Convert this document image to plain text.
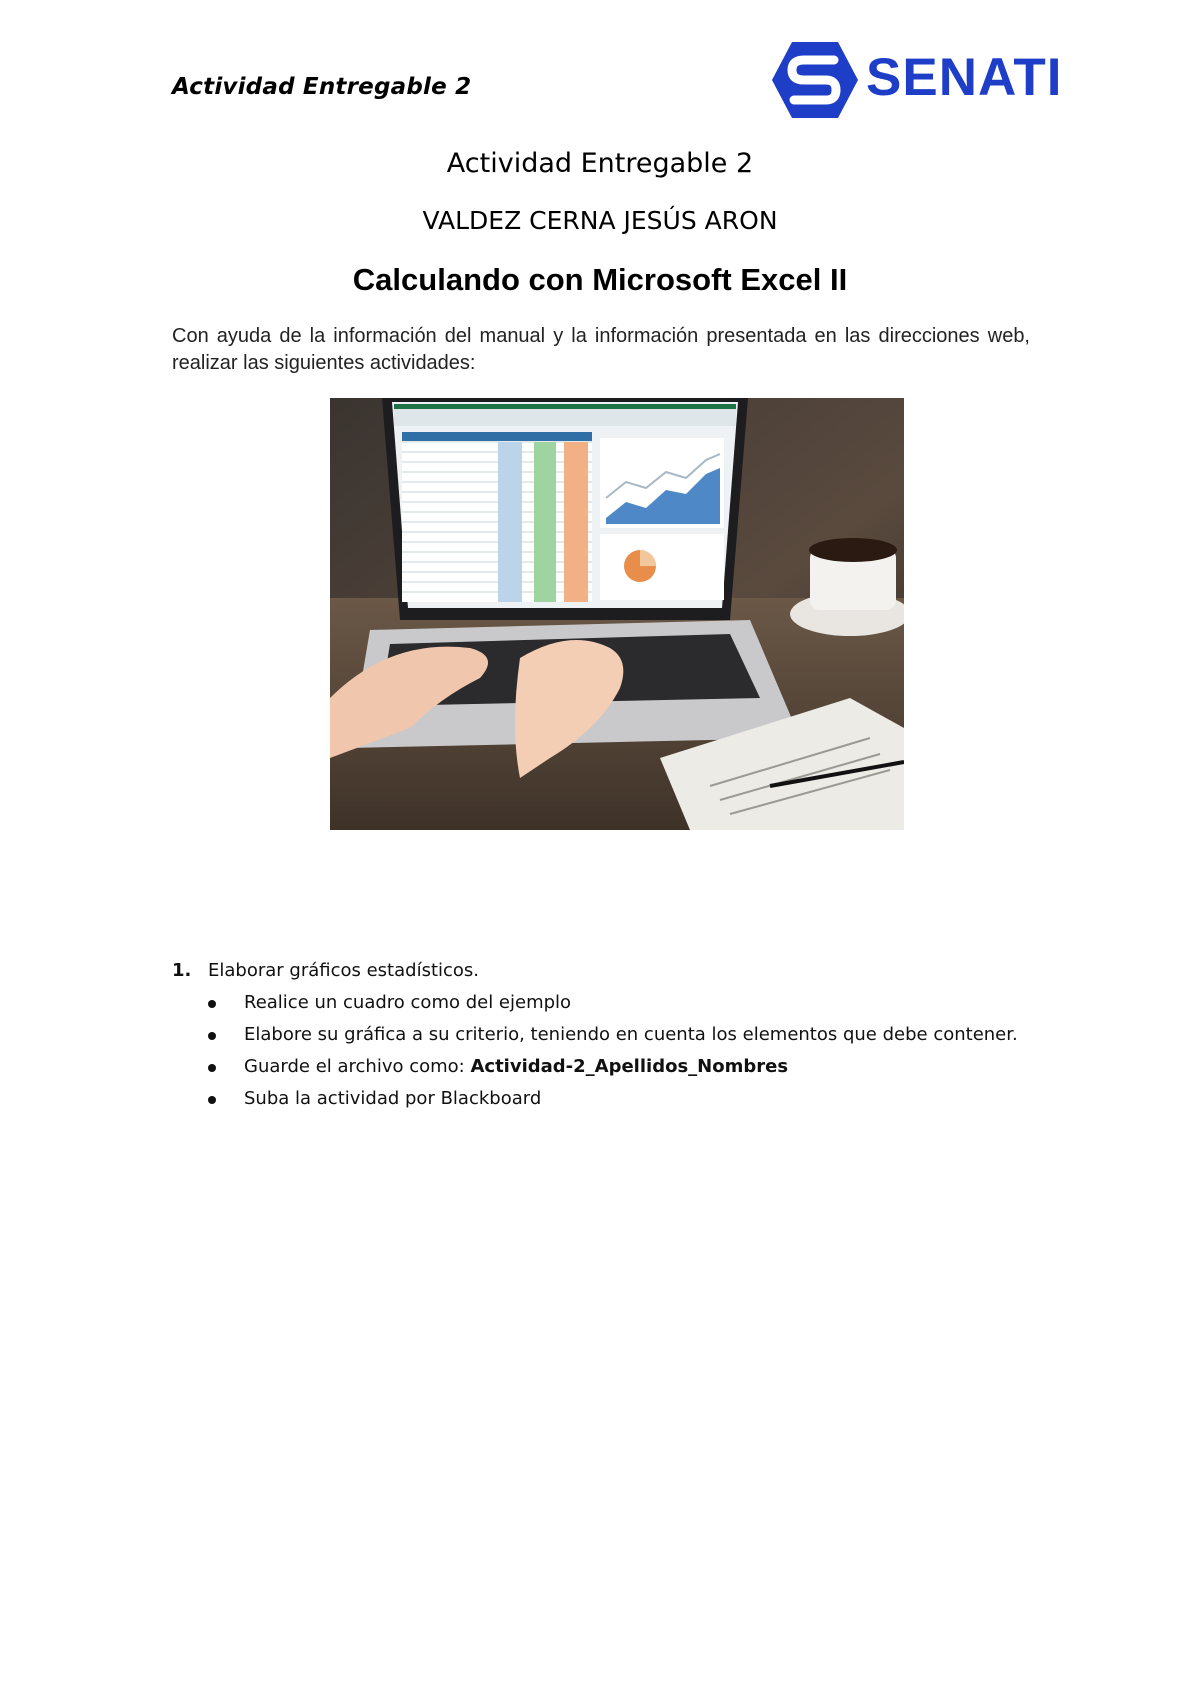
Actividad Entregable 2	SENATI
Actividad Entregable 2
VALDEZ CERNA JESÚS ARON
Calculando con Microsoft Excel II
Con ayuda de la información del manual y la información presentada en las direcciones web, realizar las siguientes actividades:
1. Elaborar gráficos estadísticos.
Realice un cuadro como del ejemplo
Elabore su gráfica a su criterio, teniendo en cuenta los elementos que debe contener.
Guarde el archivo como: Actividad-2_Apellidos_Nombres
Suba la actividad por Blackboard
